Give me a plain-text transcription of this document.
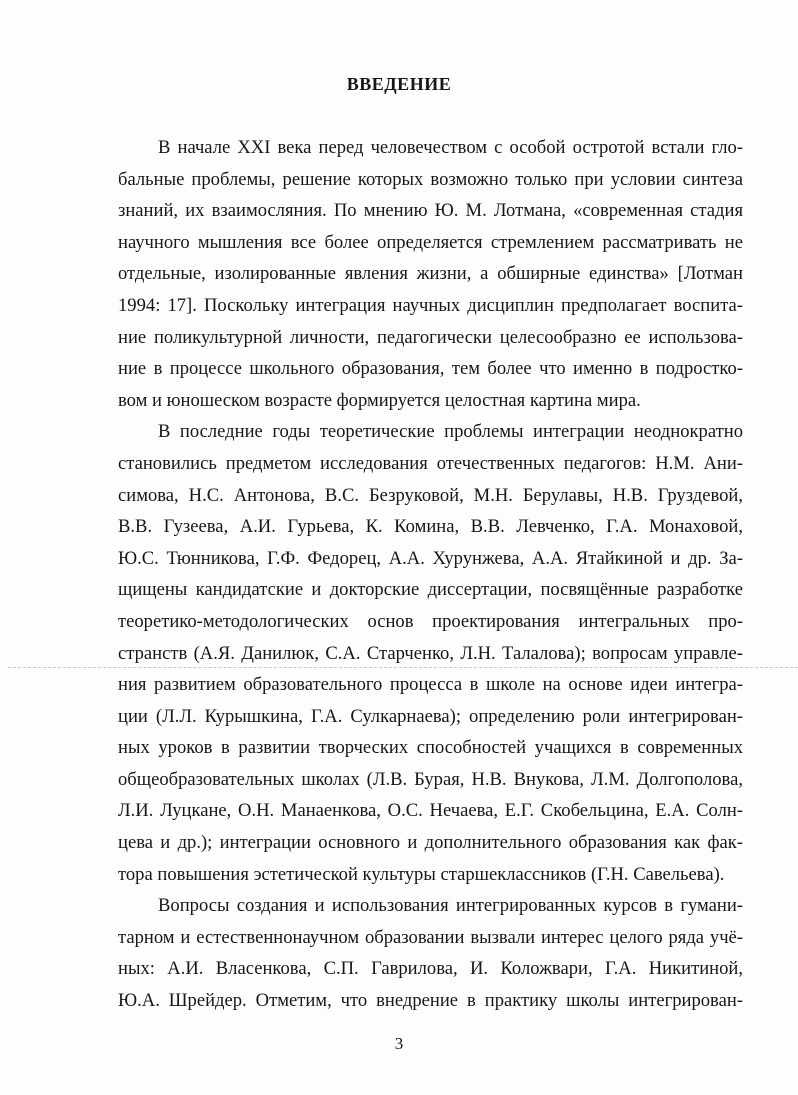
ВВЕДЕНИЕ
В начале XXI века перед человечеством с особой остротой встали гло-
бальные проблемы, решение которых возможно только при условии синтеза
знаний, их взаимосляния. По мнению Ю. М. Лотмана, «современная стадия
научного мышления все более определяется стремлением рассматривать не
отдельные, изолированные явления жизни, а обширные единства» [Лотман
1994: 17]. Поскольку интеграция научных дисциплин предполагает воспита-
ние поликультурной личности, педагогически целесообразно ее использова-
ние в процессе школьного образования, тем более что именно в подростко-
вом и юношеском возрасте формируется целостная картина мира.
В последние годы теоретические проблемы интеграции неоднократно
становились предметом исследования отечественных педагогов: Н.М. Ани-
симова, Н.С. Антонова, В.С. Безруковой, М.Н. Берулавы, Н.В. Груздевой,
В.В. Гузеева, А.И. Гурьева, К. Комина, В.В. Левченко, Г.А. Монаховой,
Ю.С. Тюнникова, Г.Ф. Федорец, А.А. Хурунжева, А.А. Ятайкиной и др. За-
щищены кандидатские и докторские диссертации, посвящённые разработке
теоретико-методологических основ проектирования интегральных про-
странств (А.Я. Данилюк, С.А. Старченко, Л.Н. Талалова); вопросам управле-
ния развитием образовательного процесса в школе на основе идеи интегра-
ции (Л.Л. Курышкина, Г.А. Сулкарнаева); определению роли интегрирован-
ных уроков в развитии творческих способностей учащихся в современных
общеобразовательных школах (Л.В. Бурая, Н.В. Внукова, Л.М. Долгополова,
Л.И. Луцкане, О.Н. Манаенкова, О.С. Нечаева, Е.Г. Скобельцина, Е.А. Солн-
цева и др.); интеграции основного и дополнительного образования как фак-
тора повышения эстетической культуры старшеклассников (Г.Н. Савельева).
Вопросы создания и использования интегрированных курсов в гумани-
тарном и естественнонаучном образовании вызвали интерес целого ряда учё-
ных: А.И. Власенкова, С.П. Гаврилова, И. Коложвари, Г.А. Никитиной,
Ю.А. Шрейдер. Отметим, что внедрение в практику школы интегрирован-
3
